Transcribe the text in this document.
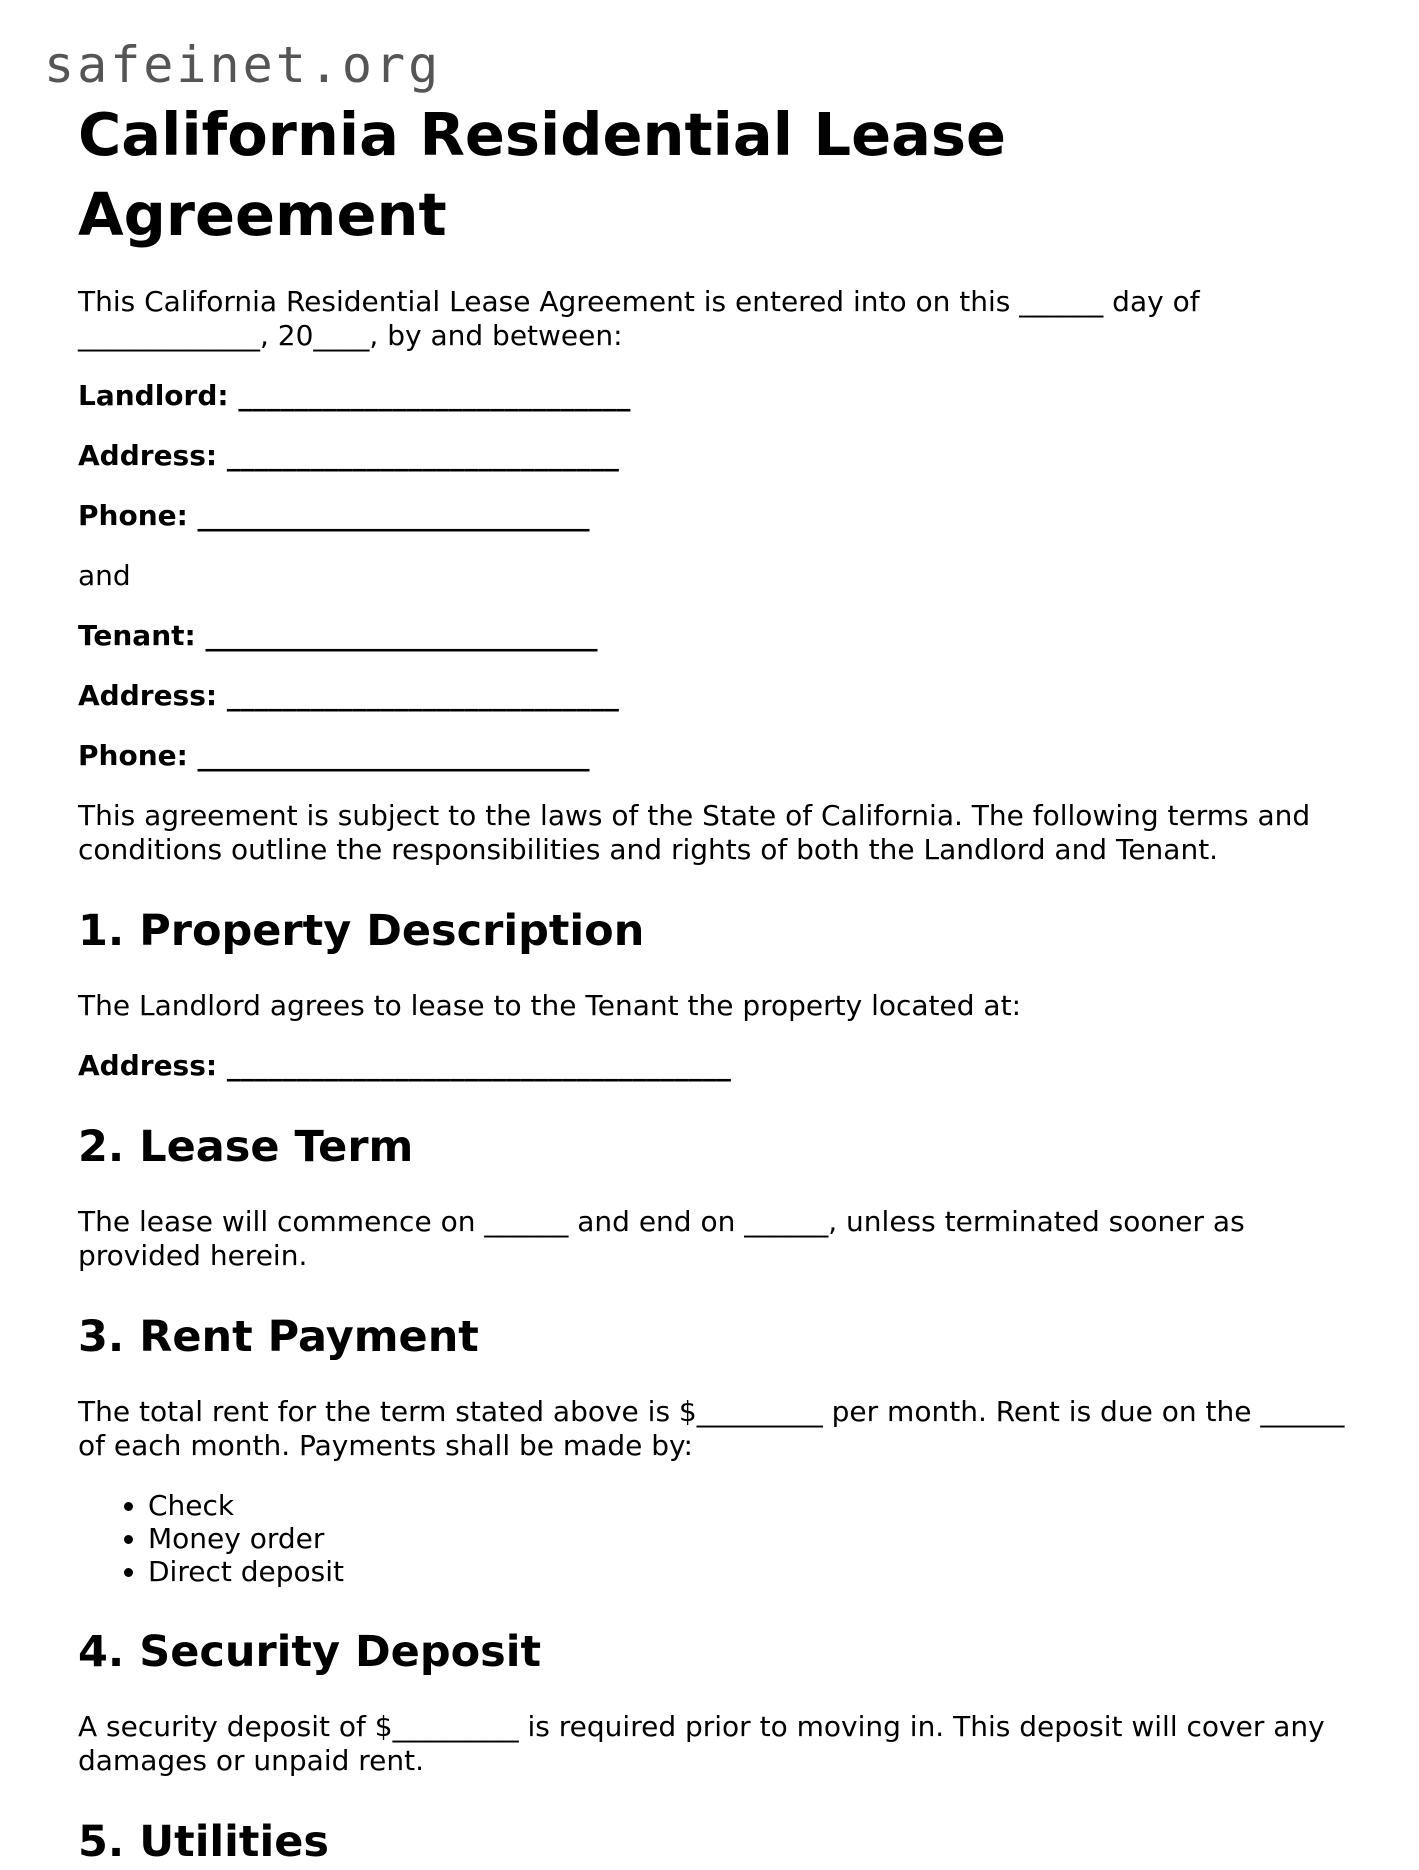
safeinet.org
California Residential Lease Agreement

This California Residential Lease Agreement is entered into on this ______ day of _____________, 20____, by and between:

Landlord: ____________________________
Address: ____________________________
Phone: ____________________________
and
Tenant: ____________________________
Address: ____________________________
Phone: ____________________________

This agreement is subject to the laws of the State of California. The following terms and conditions outline the responsibilities and rights of both the Landlord and Tenant.

1. Property Description

The Landlord agrees to lease to the Tenant the property located at:

Address: ____________________________________
2. Lease Term

The lease will commence on ______ and end on ______, unless terminated sooner as provided herein.

3. Rent Payment

The total rent for the term stated above is $_________ per month. Rent is due on the ______ of each month. Payments shall be made by:

• Check
• Money order
• Direct deposit
4. Security Deposit

A security deposit of $_________ is required prior to moving in. This deposit will cover any damages or unpaid rent.

5. Utilities
